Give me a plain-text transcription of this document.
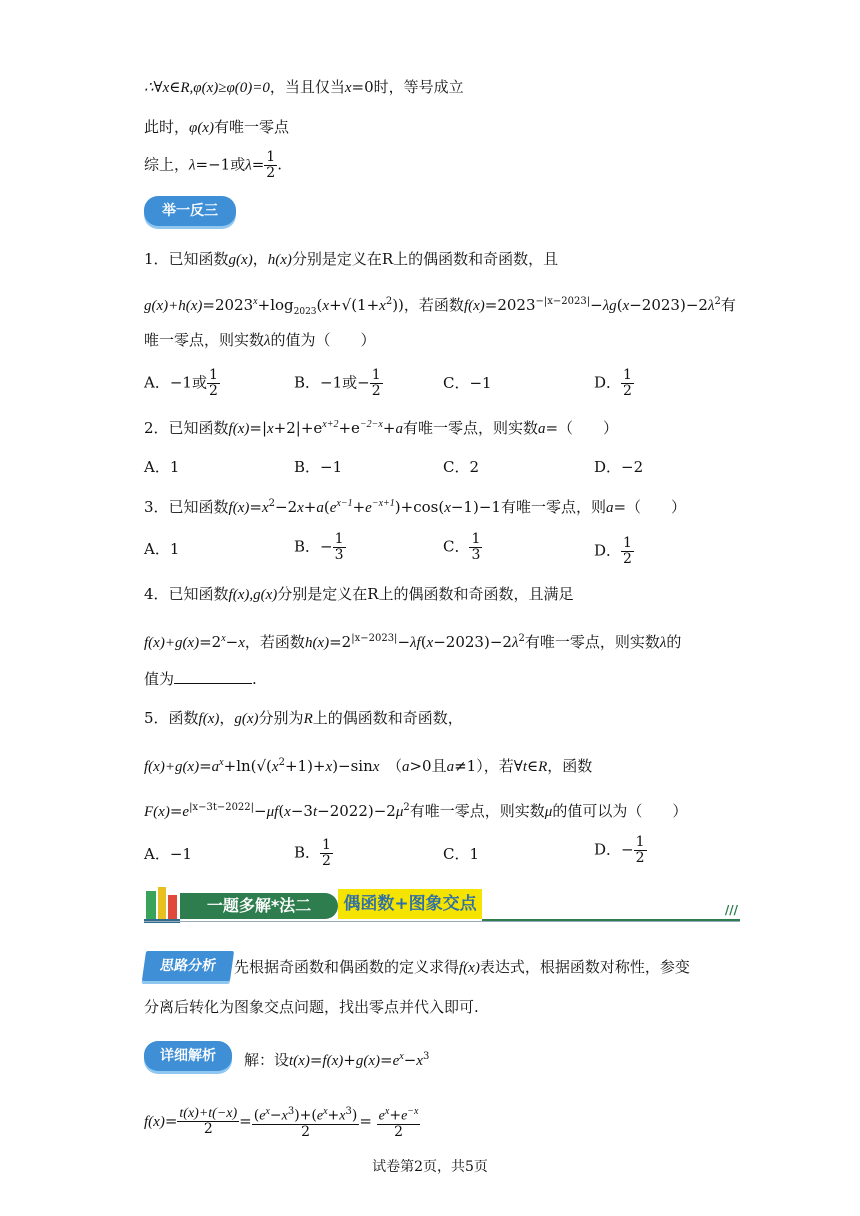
∴∀x∈R,φ(x)≥φ(0)=0，当且仅当x=0时，等号成立
此时，φ(x)有唯一零点
综上，λ=−1或$\lambda= \frac{1}{2}$ .
举一反三
1．已知函数g(x)，h(x)分别是定义在R上的偶函数和奇函数，且
$g(x)+h(x)=2023^x+\log_{2023}(x+√(1+x^2))$，若函数$f(x)=2023^{-|x-2023|}-\lambda g(x-2023)-2\lambda^2$有
唯一零点，则实数λ的值为（　　）
A．−1或 $\frac{1}{2}$	B．−1或− $\frac{1}{2}$	C．−1	D． $\frac{1}{2}$
2．已知函数$f(x)=|x+2|+e^{x+2}+e^{-2-x}+a$有唯一零点，则实数a=（　　）
A．1	B．−1	C．2	D．−2
3．已知函数$f(x)=x^2-2x+a(e^{x-1}+e^{-x+1})+\cos(x-1)-1$有唯一零点，则a=（　　）
A．1	B．− $\frac{1}{3}$	C． $\frac{1}{3}$	D． $\frac{1}{2}$
4．已知函数f(x),g(x)分别是定义在R上的偶函数和奇函数，且满足
$f(x)+g(x)=2^x-x$，若函数$h(x)=2^{|x-2023|}-\lambda f(x-2023)-2\lambda^2$有唯一零点，则实数λ的
值为	.
5．函数f(x)，g(x)分别为R上的偶函数和奇函数，
$f(x)+g(x)=a^x+\ln(√(x^2+1)+x)-\sin x$　 （a>0且a≠1），若∀t∈R，函数
$F(x)=e^{|x-3t-2022|}-\mu f(x-3t-2022)-2\mu^2$有唯一零点，则实数μ的值可以为（　　）
A．−1	B． $\frac{1}{2}$	C．1	D．− $\frac{1}{2}$
一题多解*法二	偶函数+图象交点	///
思路分析	先根据奇函数和偶函数的定义求得f(x)表达式，根据函数对称性，参变
分离后转化为图象交点问题，找出零点并代入即可.
详细解析	解：设$t(x)=f(x)+g(x)=e^x-x^3$
$f(x)= \frac{t(x)+t(-x)}{2} = \frac{(e^x-x^3)+(e^x+x^3)}{2} = \frac{e^x+e^{-x}}{2}$
试卷第2页，共5页
